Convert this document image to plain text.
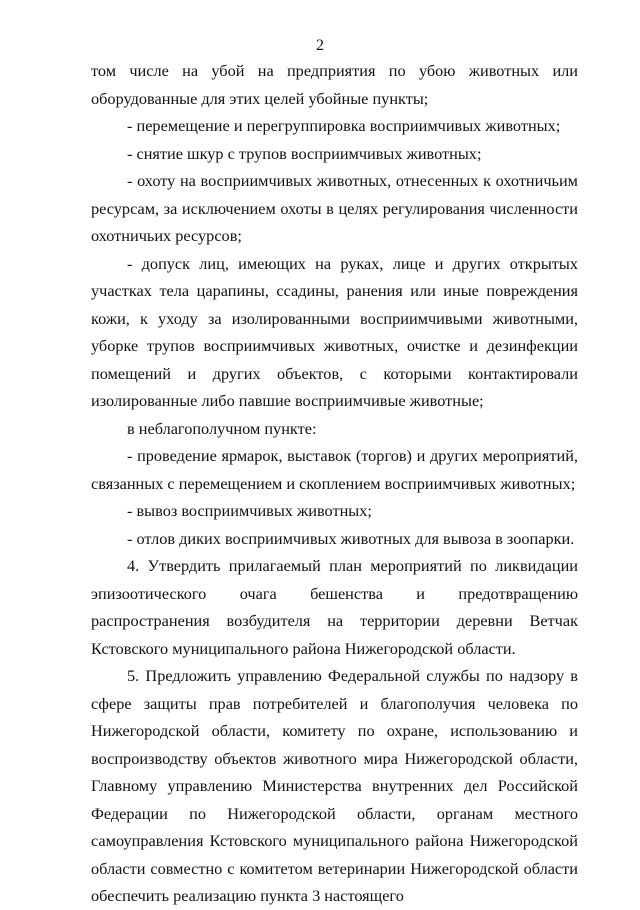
2

том числе на убой на предприятия по убою животных или оборудованные для этих целей убойные пункты;

- перемещение и перегруппировка восприимчивых животных;

- снятие шкур с трупов восприимчивых животных;

- охоту на восприимчивых животных, отнесенных к охотничьим ресурсам, за исключением охоты в целях регулирования численности охотничьих ресурсов;

- допуск лиц, имеющих на руках, лице и других открытых участках тела царапины, ссадины, ранения или иные повреждения кожи, к уходу за изолированными восприимчивыми животными, уборке трупов восприимчивых животных, очистке и дезинфекции помещений и других объектов, с которыми контактировали изолированные либо павшие восприимчивые животные;

в неблагополучном пункте:

- проведение ярмарок, выставок (торгов) и других мероприятий, связанных с перемещением и скоплением восприимчивых животных;

- вывоз восприимчивых животных;

- отлов диких восприимчивых животных для вывоза в зоопарки.

4. Утвердить прилагаемый план мероприятий по ликвидации эпизоотического очага бешенства и предотвращению распространения возбудителя на территории деревни Ветчак Кстовского муниципального района Нижегородской области.

5. Предложить управлению Федеральной службы по надзору в сфере защиты прав потребителей и благополучия человека по Нижегородской области, комитету по охране, использованию и воспроизводству объектов животного мира Нижегородской области, Главному управлению Министерства внутренних дел Российской Федерации по Нижегородской области, органам местного самоуправления Кстовского муниципального района Нижегородской области совместно с комитетом ветеринарии Нижегородской области обеспечить реализацию пункта 3 настоящего
